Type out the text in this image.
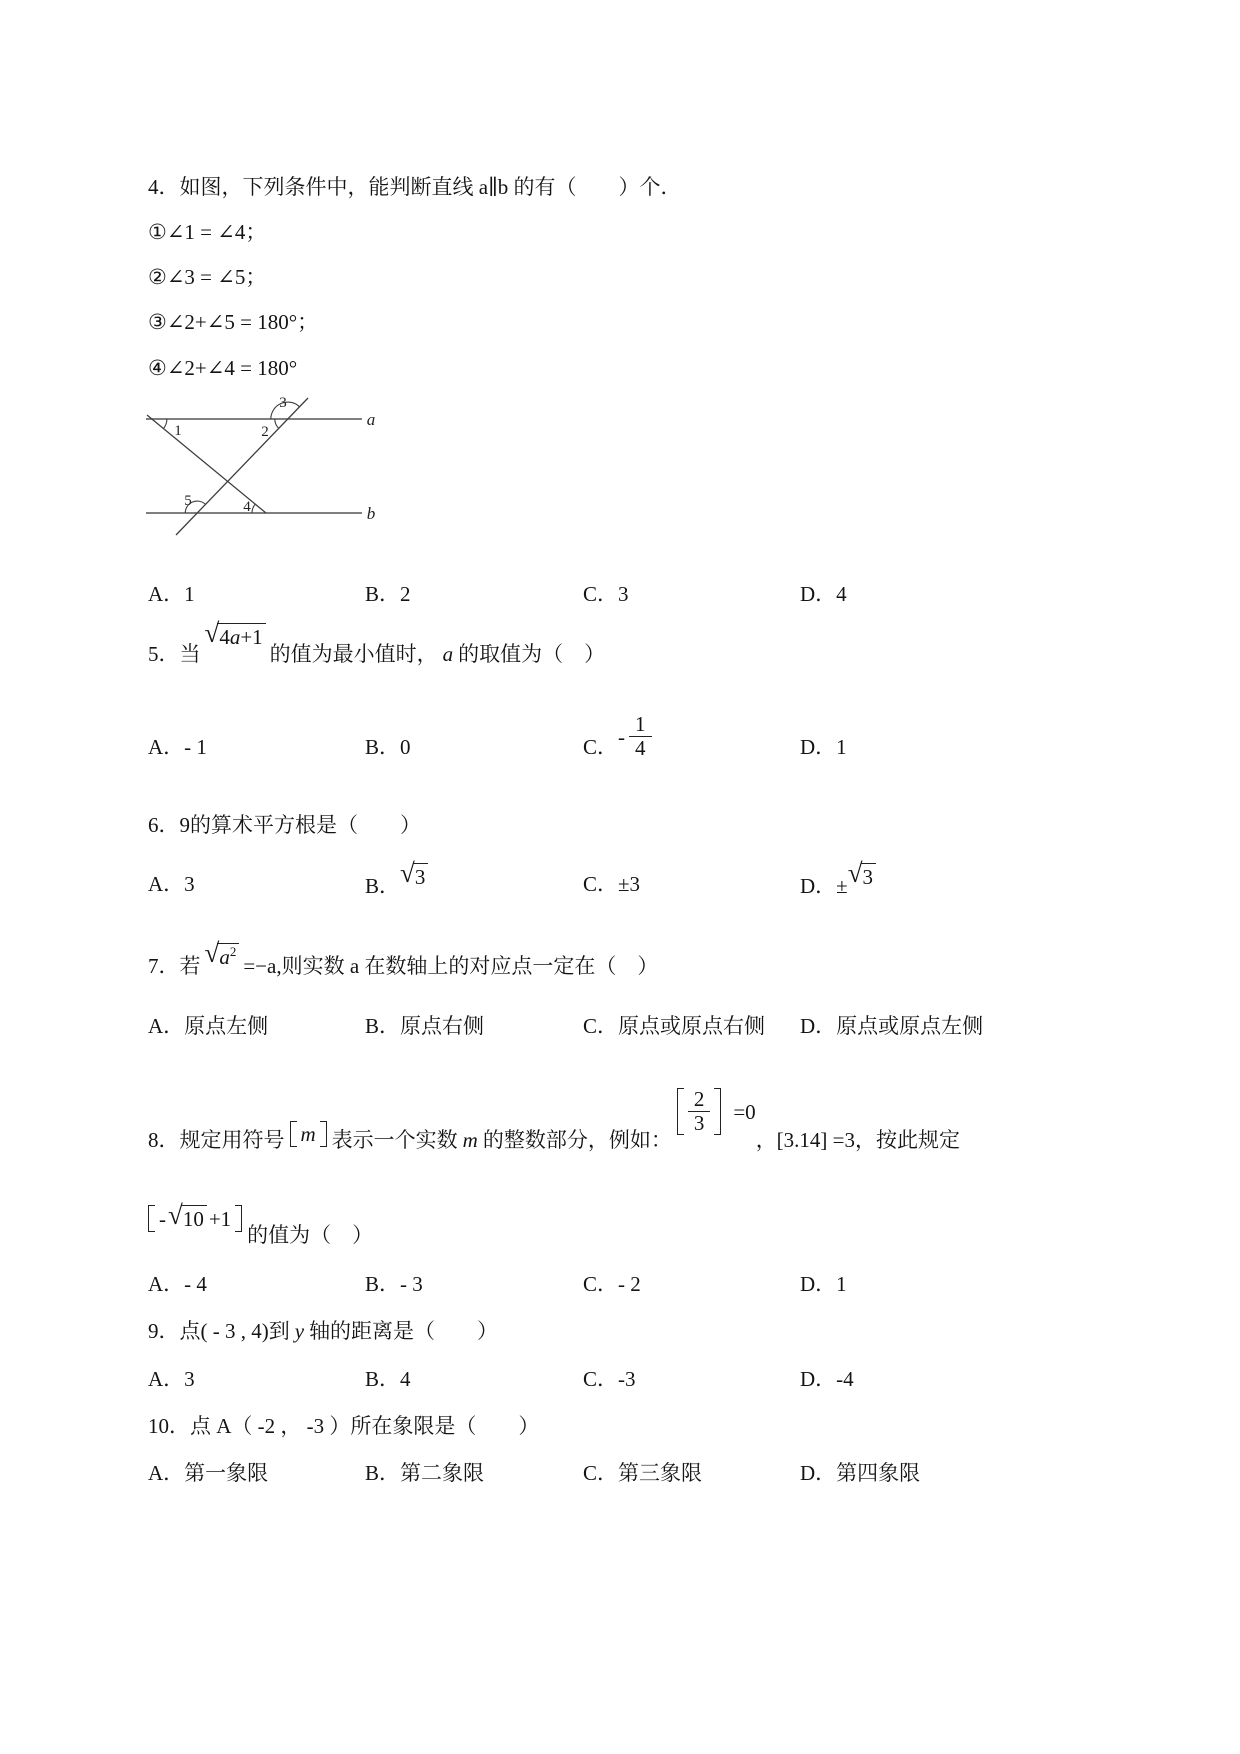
4．如图，下列条件中，能判断直线 a∥b 的有（　　）个．
①∠1 = ∠4；
②∠3 = ∠5；
③∠2+∠5 = 180°；
④∠2+∠4 = 180°
1	2
3
5	4
a
b
A．1	B．2	C．3	D．4
5．当
√ 4a+1
的值为最小值时， a 的取值为（　）
A．- 1	B．0	C．- $\frac{1}{4}$	D．1
6．9的算术平方根是（　　）
A．3	B． √ 3	C．±3	D．± √ 3
7．若 √ $a^2$
=−a,则实数 a 在数轴上的对应点一定在（　）
A．原点左侧	B．原点右侧	C．原点或原点右侧 D．原点或原点左侧
8．规定用符号 m 表示一个实数 m 的整数部分，例如：
$\frac{2}{3} =0$
，[3.14] =3，按此规定
- √ 10 +1
的值为（　）
A．- 4	B．- 3	C．- 2	D．1
9．点( - 3 , 4)到 y 轴的距离是（　　）
A．3	B．4	C．-3	D．-4
10．点 A（ -2 ， -3 ）所在象限是（　　）
A．第一象限	B．第二象限	C．第三象限	D．第四象限
